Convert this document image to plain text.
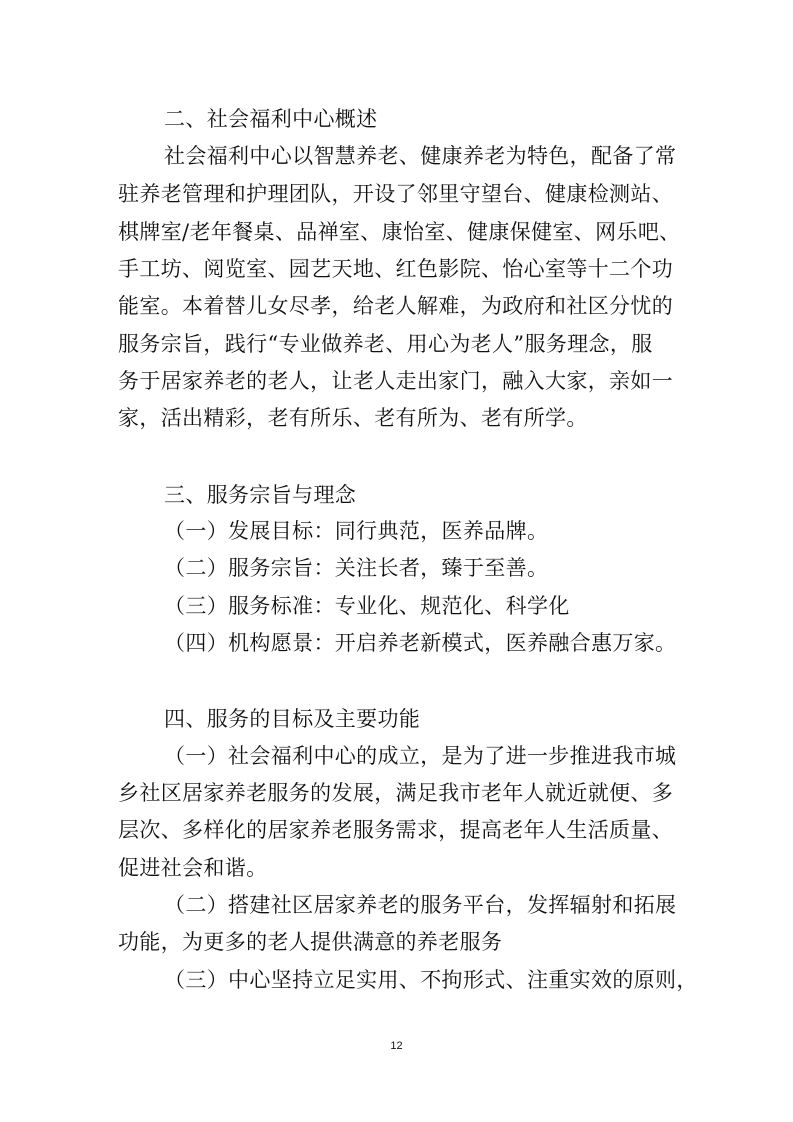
二、社会福利中心概述
社会福利中心以智慧养老、健康养老为特色，配备了常
驻养老管理和护理团队，开设了邻里守望台、健康检测站、
棋牌室/老年餐桌、品禅室、康怡室、健康保健室、网乐吧、
手工坊、阅览室、园艺天地、红色影院、怡心室等十二个功
能室。本着替儿女尽孝，给老人解难，为政府和社区分忧的
服务宗旨，践行“专业做养老、用心为老人”服务理念，服
务于居家养老的老人，让老人走出家门，融入大家，亲如一
家，活出精彩，老有所乐、老有所为、老有所学。
三、服务宗旨与理念
（一）发展目标：同行典范，医养品牌。
（二）服务宗旨：关注长者，臻于至善。
（三）服务标准：专业化、规范化、科学化
（四）机构愿景：开启养老新模式，医养融合惠万家。
四、服务的目标及主要功能
（一）社会福利中心的成立，是为了进一步推进我市城
乡社区居家养老服务的发展，满足我市老年人就近就便、多
层次、多样化的居家养老服务需求，提高老年人生活质量、
促进社会和谐。
（二）搭建社区居家养老的服务平台，发挥辐射和拓展
功能，为更多的老人提供满意的养老服务
（三）中心坚持立足实用、不拘形式、注重实效的原则，
12
